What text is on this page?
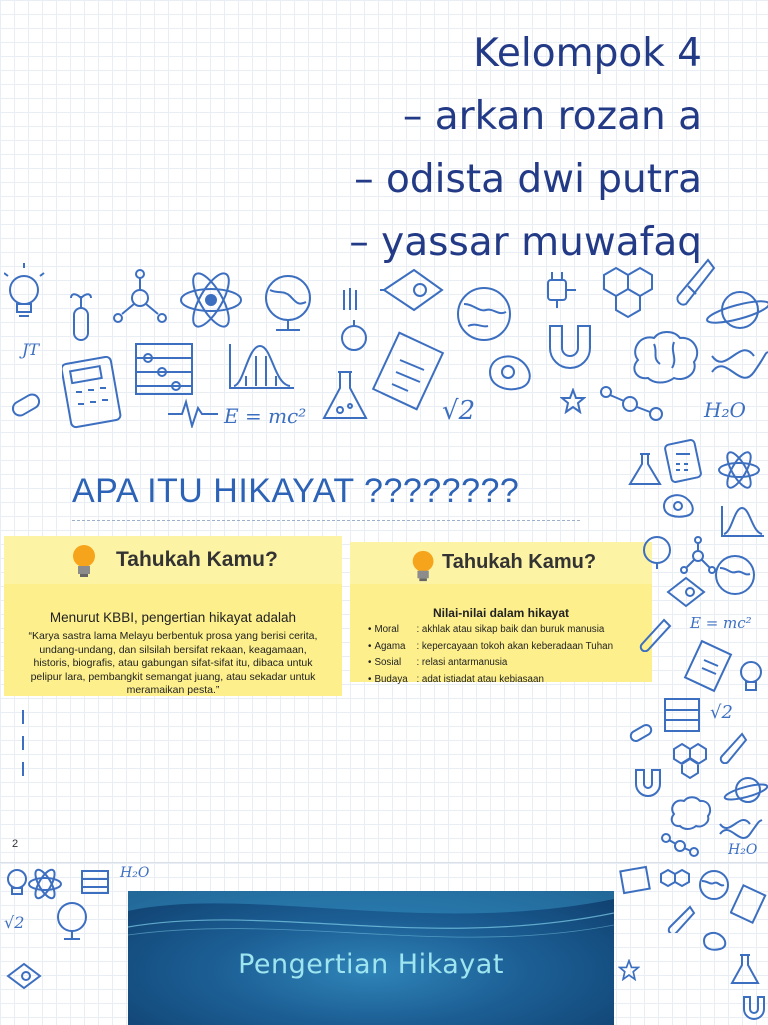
Kelompok 4
– arkan rozan a
– odista dwi putra
– yassar muwafaq
E = mc²	√2	H₂O
JT
APA ITU HIKAYAT ????????
Tahukah Kamu?
Menurut KBBI, pengertian hikayat adalah
“Karya sastra lama Melayu berbentuk prosa yang berisi cerita, undang-undang, dan silsilah bersifat rekaan, keagamaan, historis, biografis, atau gabungan sifat-sifat itu, dibaca untuk pelipur lara, pembangkit semangat juang, atau sekadar untuk meramaikan pesta.”
Tahukah Kamu?
Nilai-nilai dalam hikayat
• Moral : akhlak atau sikap baik dan buruk manusia
• Agama : kepercayaan tokoh akan keberadaan Tuhan
• Sosial : relasi antarmanusia
• Budaya : adat istiadat atau kebiasaan
2
E = mc²
√2
H₂O
H₂O
√2
Pengertian Hikayat
